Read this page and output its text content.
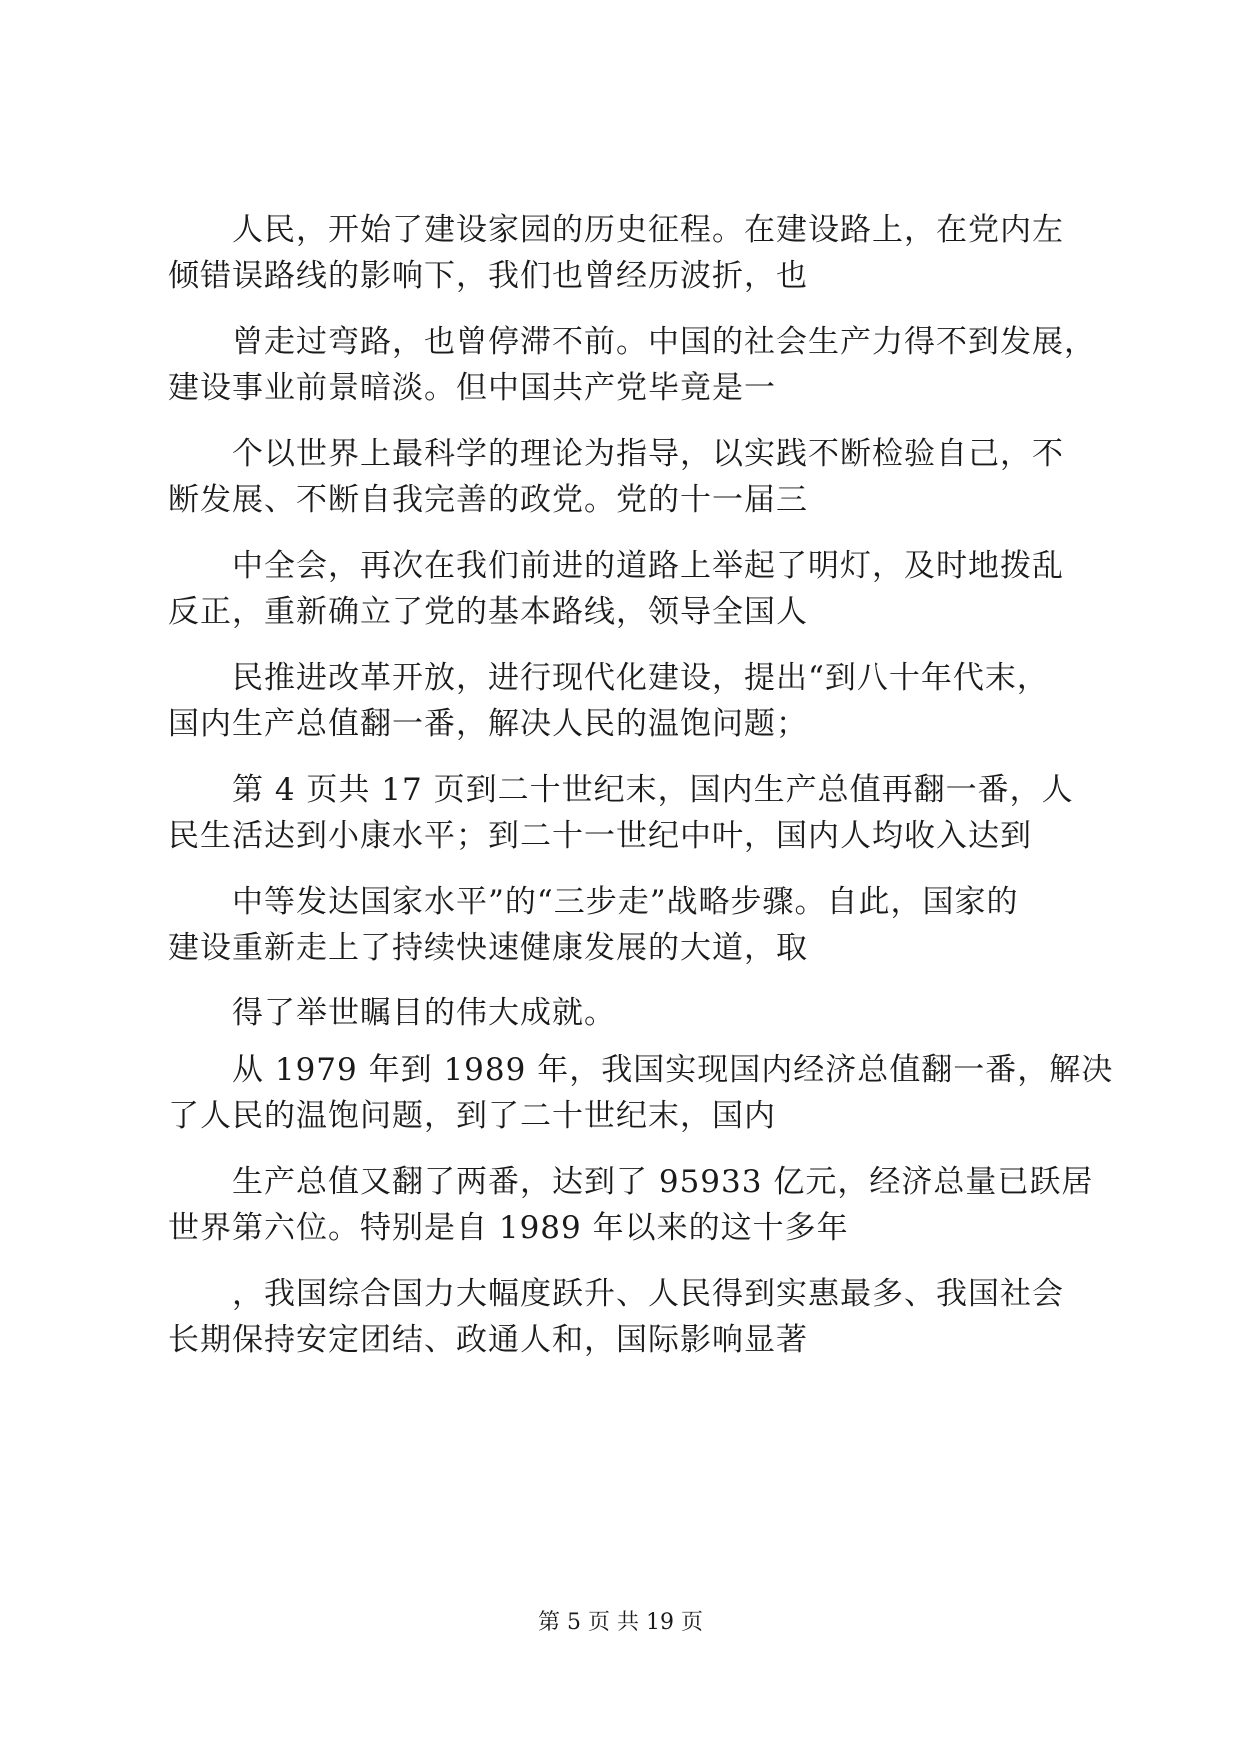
人民，开始了建设家园的历史征程。在建设路上，在党内左
倾错误路线的影响下，我们也曾经历波折，也
曾走过弯路，也曾停滞不前。中国的社会生产力得不到发展，
建设事业前景暗淡。但中国共产党毕竟是一
个以世界上最科学的理论为指导，以实践不断检验自己，不
断发展、不断自我完善的政党。党的十一届三
中全会，再次在我们前进的道路上举起了明灯，及时地拨乱
反正，重新确立了党的基本路线，领导全国人
民推进改革开放，进行现代化建设，提出“到八十年代末，
国内生产总值翻一番，解决人民的温饱问题；
第 4 页共 17 页到二十世纪末，国内生产总值再翻一番，人
民生活达到小康水平；到二十一世纪中叶，国内人均收入达到
中等发达国家水平”的“三步走”战略步骤。自此，国家的
建设重新走上了持续快速健康发展的大道，取
得了举世瞩目的伟大成就。
从 1979 年到 1989 年，我国实现国内经济总值翻一番，解决
了人民的温饱问题，到了二十世纪末，国内
生产总值又翻了两番，达到了 95933 亿元，经济总量已跃居
世界第六位。特别是自 1989 年以来的这十多年
，我国综合国力大幅度跃升、人民得到实惠最多、我国社会
长期保持安定团结、政通人和，国际影响显著
第 5 页 共 19 页
